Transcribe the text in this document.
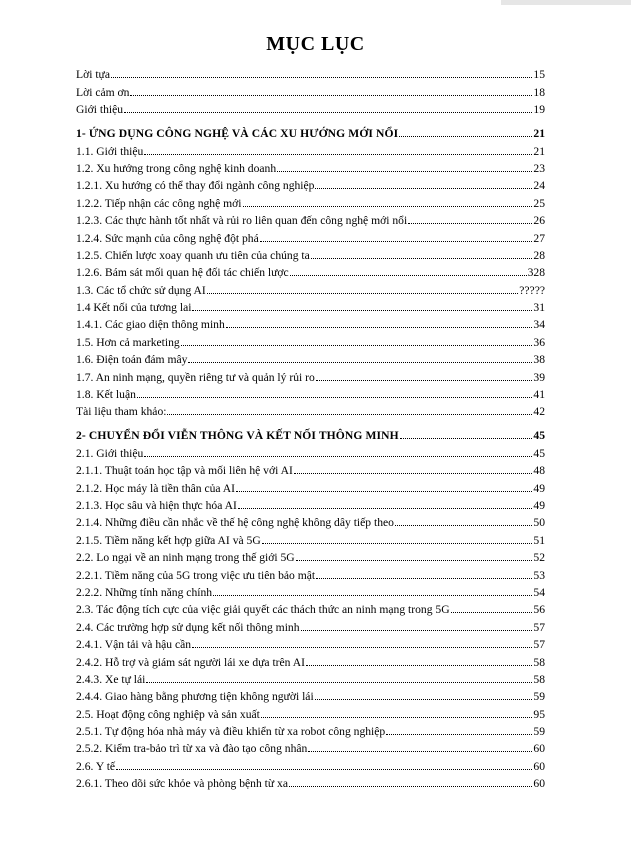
MỤC LỤC
Lời tựa	15
Lời cảm ơn	18
Giới thiệu	19
1- ỨNG DỤNG CÔNG NGHỆ VÀ CÁC XU HƯỚNG MỚI NỔI	21
1.1. Giới thiệu	21
1.2. Xu hướng trong công nghệ kinh doanh	23
1.2.1. Xu hướng có thể thay đổi ngành công nghiệp	24
1.2.2. Tiếp nhận các công nghệ mới	25
1.2.3. Các thực hành tốt nhất và rủi ro liên quan đến công nghệ mới nổi	26
1.2.4. Sức mạnh của công nghệ đột phá	27
1.2.5. Chiến lược xoay quanh ưu tiên của chúng ta	28
1.2.6. Bám sát mối quan hệ đối tác chiến lược	328
1.3. Các tổ chức sử dụng AI	?????
1.4 Kết nối của tương lai	31
1.4.1. Các giao diện thông minh	34
1.5. Hơn cả marketing	36
1.6. Điện toán đám mây	38
1.7. An ninh mạng, quyền riêng tư và quản lý rủi ro	39
1.8. Kết luận	41
Tài liệu tham khảo:	42
2- CHUYỂN ĐỔI VIỄN THÔNG VÀ KẾT NỐI THÔNG MINH	45
2.1. Giới thiệu	45
2.1.1. Thuật toán học tập và mối liên hệ với AI	48
2.1.2. Học máy là tiền thân của AI	49
2.1.3. Học sâu và hiện thực hóa AI	49
2.1.4. Những điều cần nhắc về thế hệ công nghệ không dây tiếp theo	50
2.1.5. Tiềm năng kết hợp giữa AI và 5G	51
2.2. Lo ngại về an ninh mạng trong thế giới 5G	52
2.2.1. Tiềm năng của 5G trong việc ưu tiên bảo mật	53
2.2.2. Những tính năng chính	54
2.3. Tác động tích cực của việc giải quyết các thách thức an ninh mạng trong 5G	56
2.4. Các trường hợp sử dụng kết nối thông minh	57
2.4.1. Vận tải và hậu cần	57
2.4.2. Hỗ trợ và giám sát người lái xe dựa trên AI	58
2.4.3. Xe tự lái	58
2.4.4. Giao hàng bằng phương tiện không người lái	59
2.5. Hoạt động công nghiệp và sản xuất	95
2.5.1. Tự động hóa nhà máy và điều khiển từ xa robot công nghiệp	59
2.5.2. Kiểm tra-bảo trì từ xa và đào tạo công nhân	60
2.6. Y tế	60
2.6.1. Theo dõi sức khỏe và phòng bệnh từ xa	60
